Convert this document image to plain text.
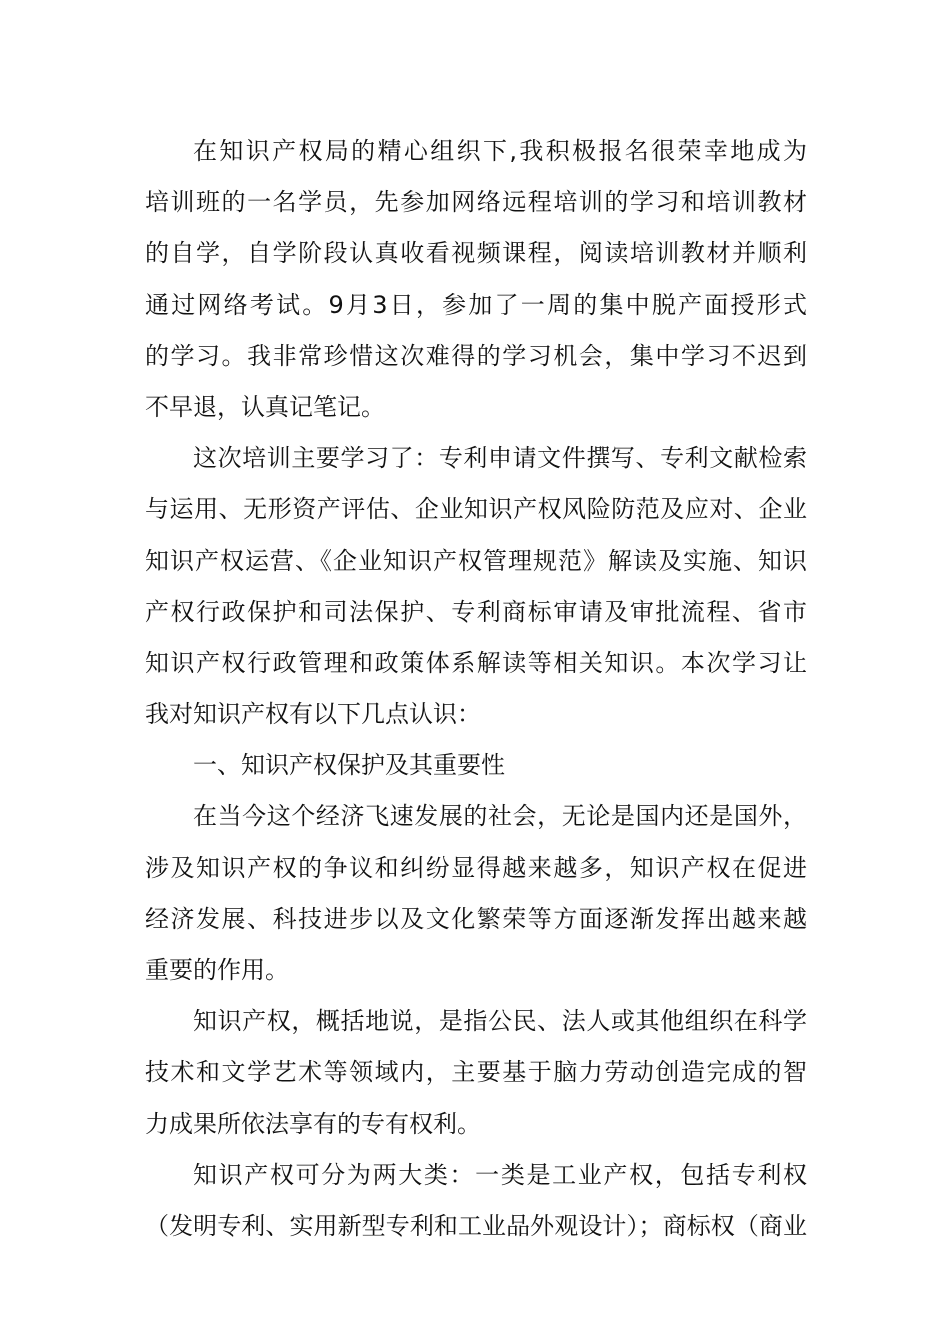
在知识产权局的精心组织下,我积极报名很荣幸地成为
培训班的一名学员，先参加网络远程培训的学习和培训教材
的自学，自学阶段认真收看视频课程，阅读培训教材并顺利
通过网络考试。9月3日，参加了一周的集中脱产面授形式
的学习。我非常珍惜这次难得的学习机会，集中学习不迟到
不早退，认真记笔记。
这次培训主要学习了：专利申请文件撰写、专利文献检索
与运用、无形资产评估、企业知识产权风险防范及应对、企业
知识产权运营、《企业知识产权管理规范》解读及实施、知识
产权行政保护和司法保护、专利商标审请及审批流程、省市
知识产权行政管理和政策体系解读等相关知识。本次学习让
我对知识产权有以下几点认识：
一、知识产权保护及其重要性
在当今这个经济飞速发展的社会，无论是国内还是国外，
涉及知识产权的争议和纠纷显得越来越多，知识产权在促进
经济发展、科技进步以及文化繁荣等方面逐渐发挥出越来越
重要的作用。
知识产权，概括地说，是指公民、法人或其他组织在科学
技术和文学艺术等领域内，主要基于脑力劳动创造完成的智
力成果所依法享有的专有权利。
知识产权可分为两大类：一类是工业产权，包括专利权
（发明专利、实用新型专利和工业品外观设计）；商标权（商业
